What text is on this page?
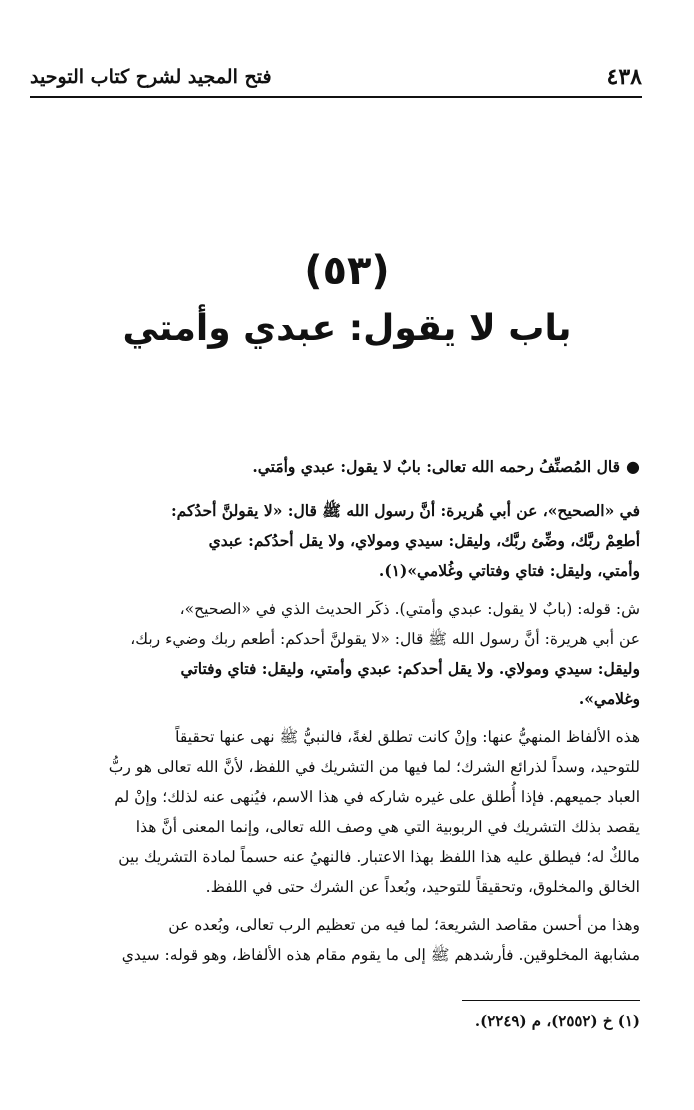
فتح المجيد لشرح كتاب التوحيد	٤٣٨
(٥٣)
باب لا يقول: عبدي وأمتي

●قال المُصنِّفُ رحمه الله تعالى: بابٌ لا يقول: عبدي وأمَتي.

في «الصحيح»، عن أبي هُريرة: أنَّ رسول الله ﷺ قال: «لا يقولنَّ أحدُكم:
أطعِمْ ربَّك، وضِّئ ربَّك، وليقل: سيدي ومولاي، ولا يقل أحدُكم: عبدي
وأمتي، وليقل: فتاي وفتاتي وغُلامي»(١).

ش: قوله: (بابٌ لا يقول: عبدي وأمتي). ذكَر الحديث الذي في «الصحيح»،
عن أبي هريرة: أنَّ رسول الله ﷺ قال: «لا يقولنَّ أحدكم: أطعم ربك وضيء ربك،
وليقل: سيدي ومولاي. ولا يقل أحدكم: عبدي وأمتي، وليقل: فتاي وفتاتي
وغلامي».

هذه الألفاظ المنهيُّ عنها: وإنْ كانت تطلق لغةً، فالنبيُّ ﷺ نهى عنها تحقيقاً
للتوحيد، وسداً لذرائع الشرك؛ لما فيها من التشريك في اللفظ، لأنَّ الله تعالى هو ربُّ
العباد جميعهم. فإذا أُطلق على غيره شاركه في هذا الاسم، فيُنهى عنه لذلك؛ وإنْ لم
يقصد بذلك التشريك في الربوبية التي هي وصف الله تعالى، وإنما المعنى أنَّ هذا
مالكٌ له؛ فيطلق عليه هذا اللفظ بهذا الاعتبار. فالنهيُ عنه حسماً لمادة التشريك بين
الخالق والمخلوق، وتحقيقاً للتوحيد، وبُعداً عن الشرك حتى في اللفظ.

وهذا من أحسن مقاصد الشريعة؛ لما فيه من تعظيم الرب تعالى، وبُعده عن
مشابهة المخلوقين. فأرشدهم ﷺ إلى ما يقوم مقام هذه الألفاظ، وهو قوله: سيدي

(١) خ (٢٥٥٢)، م (٢٢٤٩).
